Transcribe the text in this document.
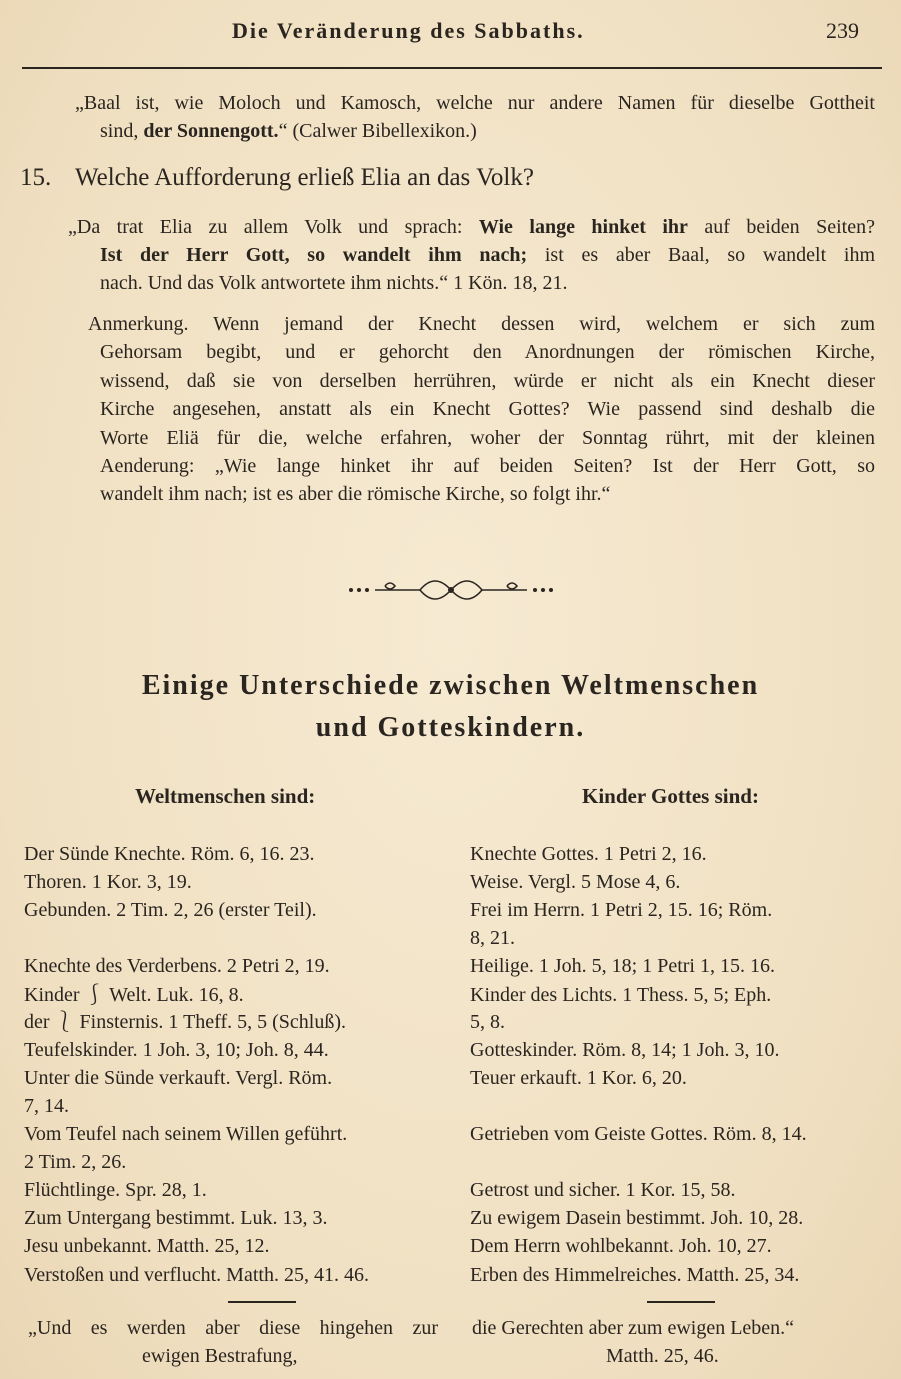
Die Veränderung des Sabbaths.	239
„Baal ist, wie Moloch und Kamosch, welche nur andere Namen für dieselbe Gottheit
sind, der Sonnengott.“ (Calwer Bibellexikon.)
15. Welche Aufforderung erließ Elia an das Volk?
„Da trat Elia zu allem Volk und sprach: Wie lange hinket ihr auf beiden Seiten?
Ist der Herr Gott, so wandelt ihm nach; ist es aber Baal, so wandelt ihm
nach. Und das Volk antwortete ihm nichts.“ 1 Kön. 18, 21.
Anmerkung. Wenn jemand der Knecht dessen wird, welchem er sich zum
Gehorsam begibt, und er gehorcht den Anordnungen der römischen Kirche,
wissend, daß sie von derselben herrühren, würde er nicht als ein Knecht dieser
Kirche angesehen, anstatt als ein Knecht Gottes? Wie passend sind deshalb die
Worte Eliä für die, welche erfahren, woher der Sonntag rührt, mit der kleinen
Aenderung: „Wie lange hinket ihr auf beiden Seiten? Ist der Herr Gott, so
wandelt ihm nach; ist es aber die römische Kirche, so folgt ihr.“
Der Sünde Knechte. Röm. 6, 16. 23.
Thoren. 1 Kor. 3, 19.
Gebunden. 2 Tim. 2, 26 (erster Teil).
Knechte des Verderbens. 2 Petri 2, 19.
Kinder ⎰ Welt. Luk. 16, 8.
der ⎱ Finsternis. 1 Theff. 5, 5 (Schluß).
Teufelskinder. 1 Joh. 3, 10; Joh. 8, 44.
Unter die Sünde verkauft. Vergl. Röm.
7, 14.
Vom Teufel nach seinem Willen geführt.
2 Tim. 2, 26.
Flüchtlinge. Spr. 28, 1.
Zum Untergang bestimmt. Luk. 13, 3.
Jesu unbekannt. Matth. 25, 12.
Verstoßen und verflucht. Matth. 25, 41. 46.
Knechte Gottes. 1 Petri 2, 16.
Weise. Vergl. 5 Mose 4, 6.
Frei im Herrn. 1 Petri 2, 15. 16; Röm.
8, 21.
Heilige. 1 Joh. 5, 18; 1 Petri 1, 15. 16.
Kinder des Lichts. 1 Thess. 5, 5; Eph.
5, 8.
Gotteskinder. Röm. 8, 14; 1 Joh. 3, 10.
Teuer erkauft. 1 Kor. 6, 20.
Getrieben vom Geiste Gottes. Röm. 8, 14.
Getrost und sicher. 1 Kor. 15, 58.
Zu ewigem Dasein bestimmt. Joh. 10, 28.
Dem Herrn wohlbekannt. Joh. 10, 27.
Erben des Himmelreiches. Matth. 25, 34.
„Und es werden aber diese hingehen zur
ewigen Bestrafung,
die Gerechten aber zum ewigen Leben.“
Matth. 25, 46.
Einige Unterschiede zwischen Weltmenschen
und Gotteskindern.
Weltmenschen sind:	Kinder Gottes sind:
